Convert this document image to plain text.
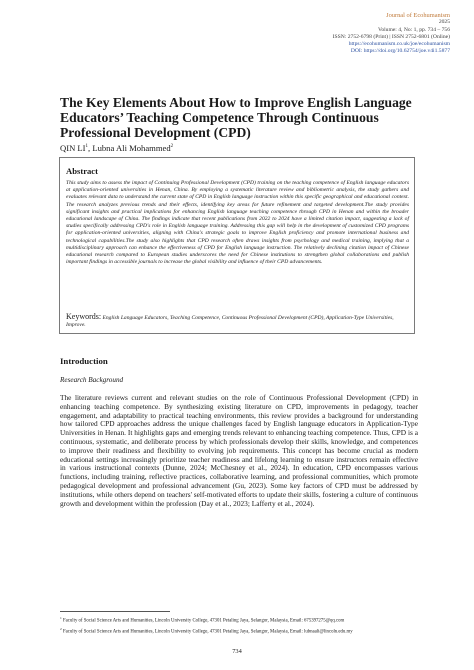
Journal of Ecohumanism
2025
Volume: 4, No: 1, pp. 734 – 756
ISSN: 2752-6798 (Print) | ISSN 2752-6801 (Online)
https://ecohumanism.co.uk/joe/ecohumanism
DOI: https://doi.org/10.62754/joe.v4i1.5877
The Key Elements About How to Improve English Language Educators’ Teaching Competence Through Continuous Professional Development (CPD)
QIN $LI^1$, Lubna Ali Mohammed$^2$
Abstract

This study aims to assess the impact of Continuing Professional Development (CPD) training on the teaching competence of English language educators at application-oriented universities in Henan, China. By employing a systematic literature review and bibliometric analysis, the study gathers and evaluates relevant data to understand the current state of CPD in English language instruction within this specific geographical and educational context. The research analyzes previous trends and their effects, identifying key areas for future refinement and targeted development.The study provides significant insights and practical implications for enhancing English language teaching competence through CPD in Henan and within the broader educational landscape of China. The findings indicate that recent publications from 2022 to 2024 have a limited citation impact, suggesting a lack of studies specifically addressing CPD's role in English language training. Addressing this gap will help in the development of customized CPD programs for application-oriented universities, aligning with China's strategic goals to improve English proficiency and promote international business and technological capabilities.The study also highlights that CPD research often draws insights from psychology and medical training, implying that a multidisciplinary approach can enhance the effectiveness of CPD for English language instruction. The relatively declining citation impact of Chinese educational research compared to European studies underscores the need for Chinese institutions to strengthen global collaborations and publish important findings in accessible journals to increase the global visibility and influence of their CPD advancements.

Keywords: English Language Educators, Teaching Competence, Continuous Professional Development (CPD), Application-Type Universities, Improve.

Introduction
Research Background

The literature reviews current and relevant studies on the role of Continuous Professional Development (CPD) in enhancing teaching competence. By synthesizing existing literature on CPD, improvements in pedagogy, teacher engagement, and adaptability to practical teaching environments, this review provides a background for understanding how tailored CPD approaches address the unique challenges faced by English language educators in Application-Type Universities in Henan. It highlights gaps and emerging trends relevant to enhancing teaching competence. Thus, CPD is a continuous, systematic, and deliberate process by which professionals develop their skills, knowledge, and competences to improve their readiness and flexibility to evolving job requirements. This concept has become crucial as modern educational settings increasingly prioritize teacher readiness and lifelong learning to ensure instructors remain effective in various instructional contexts (Dunne, 2024; McChesney et al., 2024). In education, CPD encompasses various functions, including training, reflective practices, collaborative learning, and professional communities, which promote pedagogical development and professional advancement (Gu, 2023). Some key factors of CPD must be addressed by institutions, while others depend on teachers' self-motivated efforts to update their skills, fostering a culture of continuous growth and development within the profession (Day et al., 2023; Lafferty et al., 2024).

$^1$ Faculty of Social Science Arts and Humanities, Lincoln University College, 47301 Petaling Jaya, Selangor, Malaysia, Email: 675397275@qq.com

$^2$ Faculty of Social Science Arts and Humanities, Lincoln University College, 47301 Petaling Jaya, Selangor, Malaysia, Email: lubnaali@lincoln.edu.my

734
